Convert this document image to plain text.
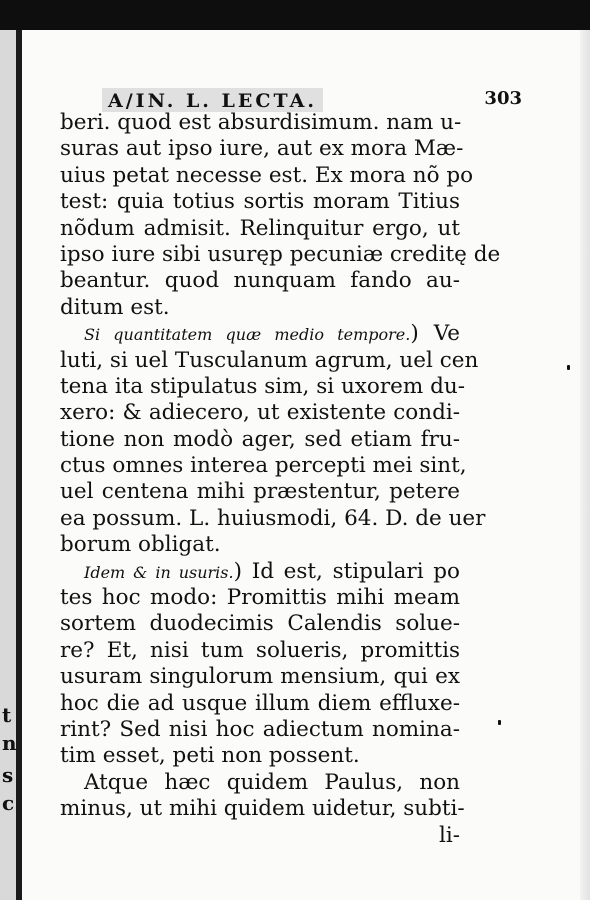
t
n
s
c
A/IN. L. LECTA.	303
beri. quod est absurdisimum. nam u-
suras aut ipso iure, aut ex mora Mæ-
uius petat necesse est. Ex mora nõ po
test: quia totius sortis moram Titius
nõdum admisit. Relinquitur ergo, ut
ipso iure sibi usuręp pecuniæ creditę de
beantur. quod nunquam fando au-
ditum est.
Si quantitatem quæ medio tempore.) Ve
luti, si uel Tusculanum agrum, uel cen
tena ita stipulatus sim, si uxorem du-
xero: & adiecero, ut existente condi-
tione non modò ager, sed etiam fru-
ctus omnes interea percepti mei sint,
uel centena mihi præstentur, petere
ea possum. L. huiusmodi, 64. D. de uer
borum obligat.
Idem & in usuris.) Id est, stipulari po
tes hoc modo: Promittis mihi meam
sortem duodecimis Calendis solue-
re? Et, nisi tum solueris, promittis
usuram singulorum mensium, qui ex
hoc die ad usque illum diem effluxe-
rint? Sed nisi hoc adiectum nomina-
tim esset, peti non possent.
Atque hæc quidem Paulus, non
minus, ut mihi quidem uidetur, subti-
li-
